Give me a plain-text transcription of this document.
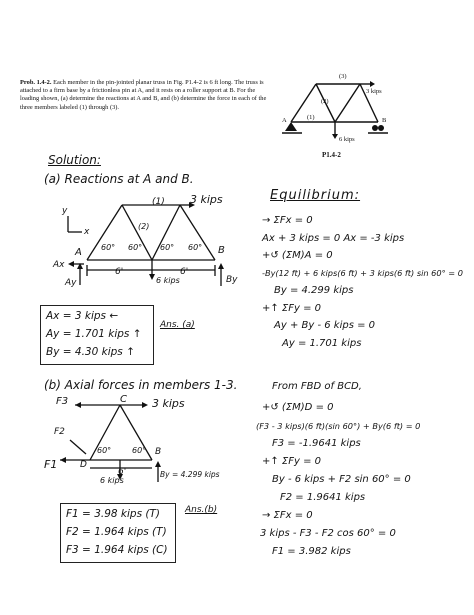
Prob. 1.4-2. Each member in the pin-jointed planar truss in Fig. P1.4-2 is 6 ft long. The truss is attached to a firm base by a frictionless pin at A, and it rests on a roller support at B. For the loading shown, (a) determine the reactions at A and B, and (b) determine the force in each of the three members labeled (1) through (3).
(3)
(2)
(1)
3 kips
6 kips
A	B
P1.4-2
Solution:
(a) Reactions at A and B.
Equilibrium:
(1)
(2)
3 kips
60° 60° 60° 60°
6'	6'
6 kips
A	B
Ax
Ay	By
y
x
→ ΣFx = 0
Ax + 3 kips = 0 Ax = -3 kips
+↺ (ΣM)A = 0
-By(12 ft) + 6 kips(6 ft) + 3 kips(6 ft) sin 60° = 0
By = 4.299 kips
+↑ ΣFy = 0
Ay + By - 6 kips = 0
Ay = 1.701 kips
Ax = 3 kips ←
Ay = 1.701 kips ↑
By = 4.30 kips ↑
Ans. (a)
(b) Axial forces in members 1-3.	From FBD of BCD,
F3	C 3 kips
F2
F1	D
B
60°	60°
6'
6 kips
By = 4.299 kips
+↺ (ΣM)D = 0
(F3 - 3 kips)(6 ft)(sin 60°) + By(6 ft) = 0
F3 = -1.9641 kips
+↑ ΣFy = 0
By - 6 kips + F2 sin 60° = 0
F2 = 1.9641 kips
→ ΣFx = 0
3 kips - F3 - F2 cos 60° = 0
F1 = 3.982 kips
F1 = 3.98 kips (T)
F2 = 1.964 kips (T)
F3 = 1.964 kips (C)
Ans.(b)
